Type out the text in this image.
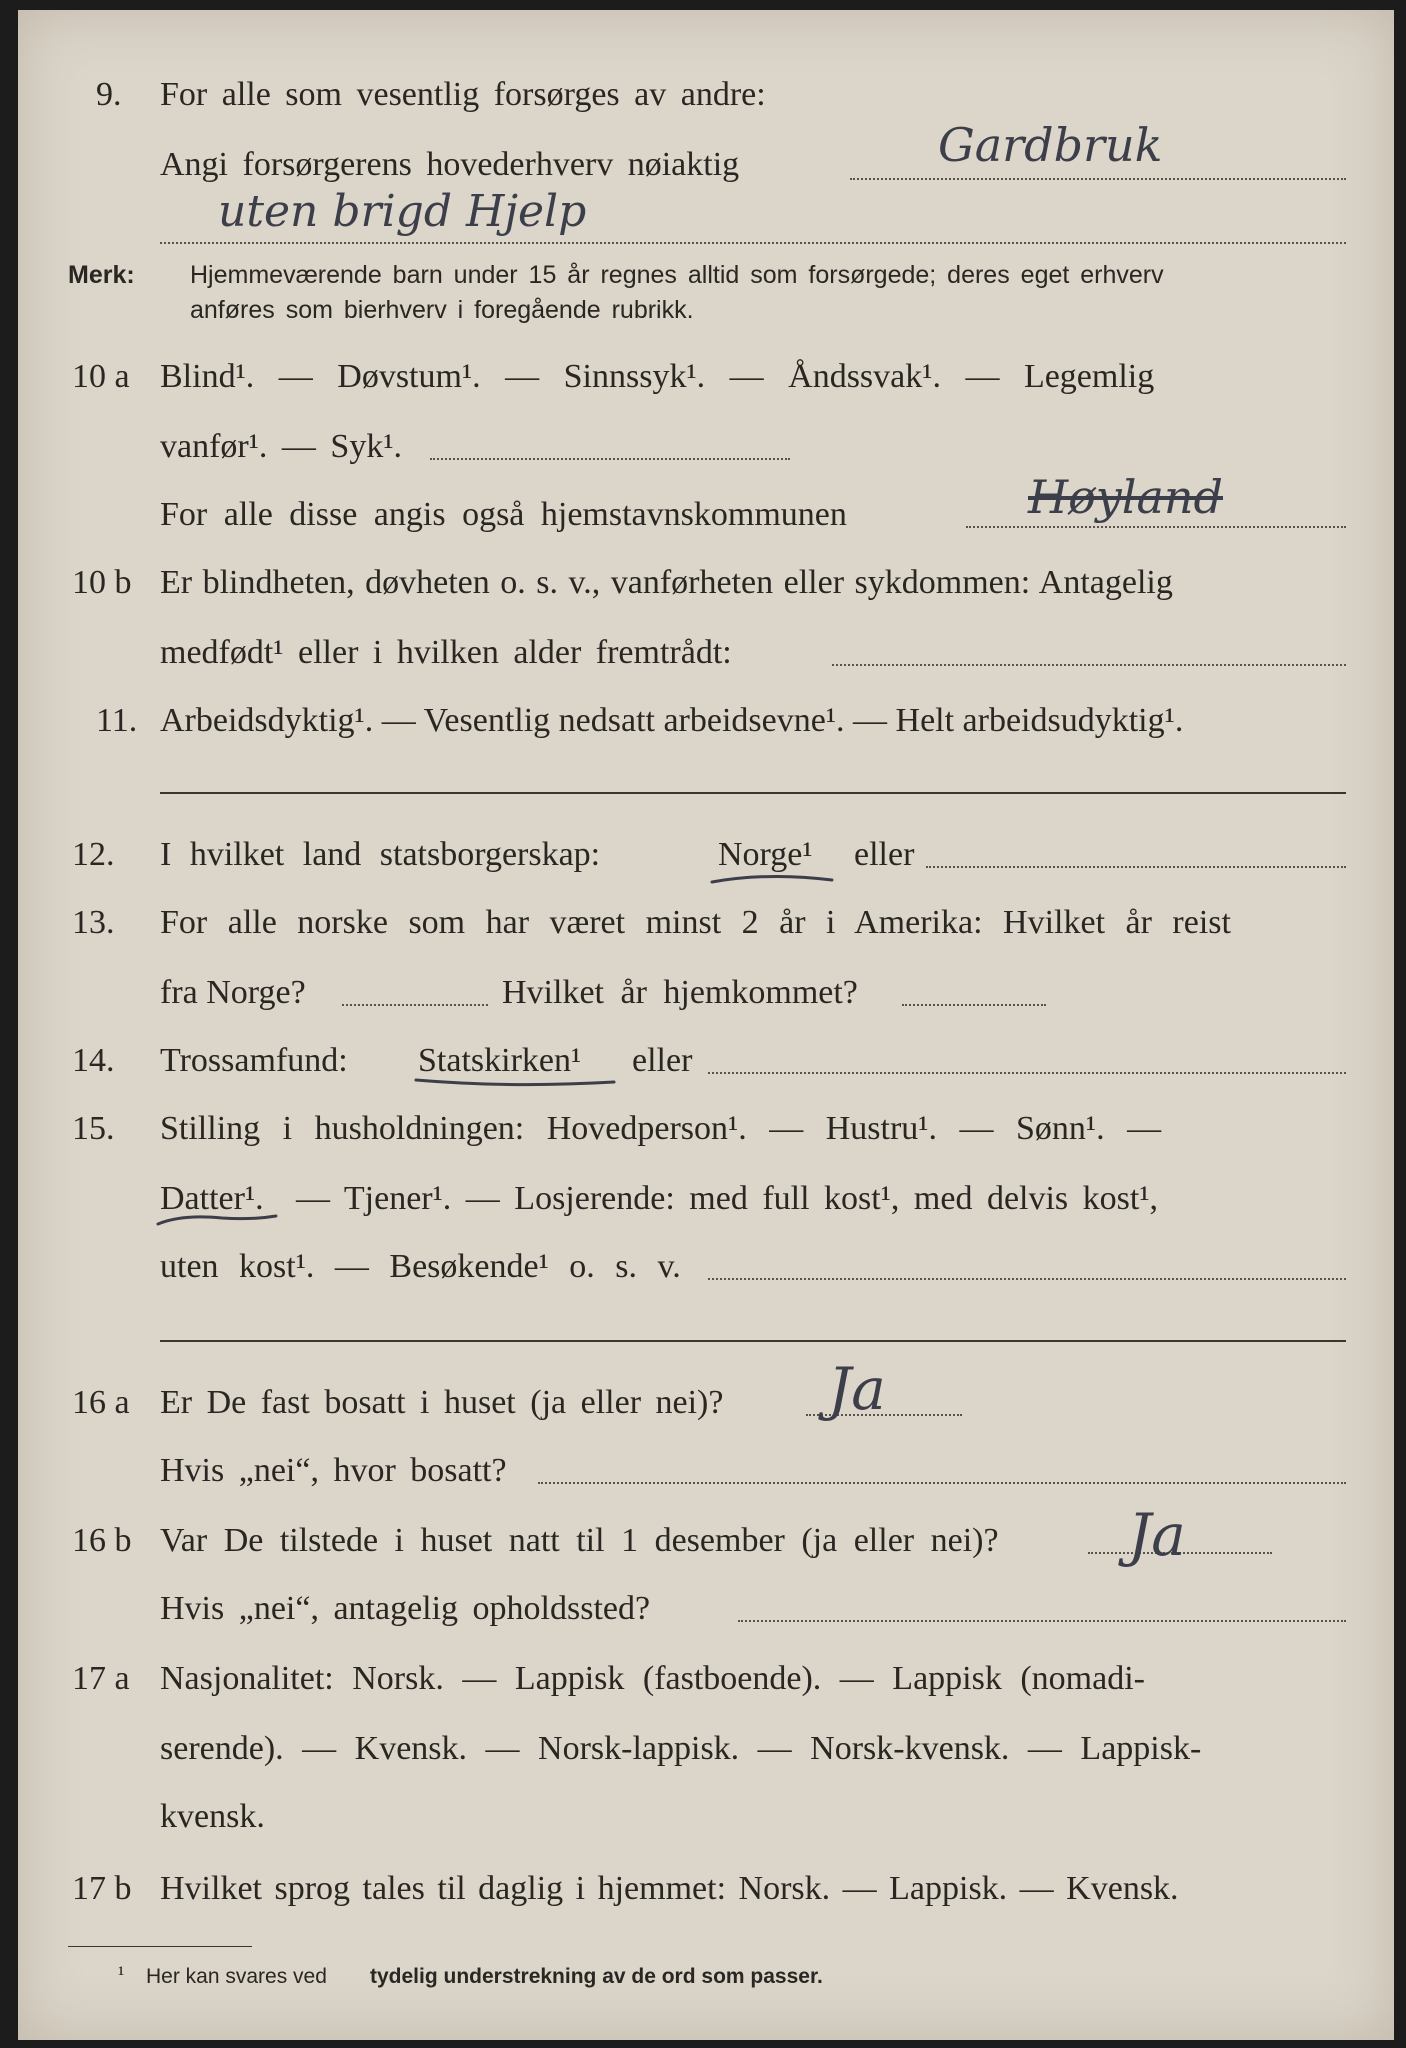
9. For alle som vesentlig forsørges av andre:
Angi forsørgerens hovederhverv nøiaktig	Gardbruk
uten brigd Hjelp
Merk: Hjemmeværende barn under 15 år regnes alltid som forsørgede; deres eget erhverv
anføres som bierhverv i foregående rubrikk.
10 a Blind¹. — Døvstum¹. — Sinnssyk¹. — Åndssvak¹. — Legemlig
vanfør¹. — Syk¹.
For alle disse angis også hjemstavnskommunen	Høyland
10 b Er blindheten, døvheten o. s. v., vanførheten eller sykdommen: Antagelig
medfødt¹ eller i hvilken alder fremtrådt:
11. Arbeidsdyktig¹. — Vesentlig nedsatt arbeidsevne¹. — Helt arbeidsudyktig¹.
12. I hvilket land statsborgerskap:	Norge¹ eller
13. For alle norske som har været minst 2 år i Amerika: Hvilket år reist
fra Norge?	Hvilket år hjemkommet?
14. Trossamfund: Statskirken¹ eller
15. Stilling i husholdningen: Hovedperson¹. — Hustru¹. — Sønn¹. —
Datter¹. — Tjener¹. — Losjerende: med full kost¹, med delvis kost¹,
uten kost¹. — Besøkende¹ o. s. v.
16 a Er De fast bosatt i huset (ja eller nei)? Ja
Hvis „nei“, hvor bosatt?
16 b Var De tilstede i huset natt til 1 desember (ja eller nei)? Ja
Hvis „nei“, antagelig opholdssted?
17 a Nasjonalitet: Norsk. — Lappisk (fastboende). — Lappisk (nomadi-
serende). — Kvensk. — Norsk-lappisk. — Norsk-kvensk. — Lappisk-
kvensk.
17 b Hvilket sprog tales til daglig i hjemmet: Norsk. — Lappisk. — Kvensk.
¹ Her kan svares ved tydelig understrekning av de ord som passer.
